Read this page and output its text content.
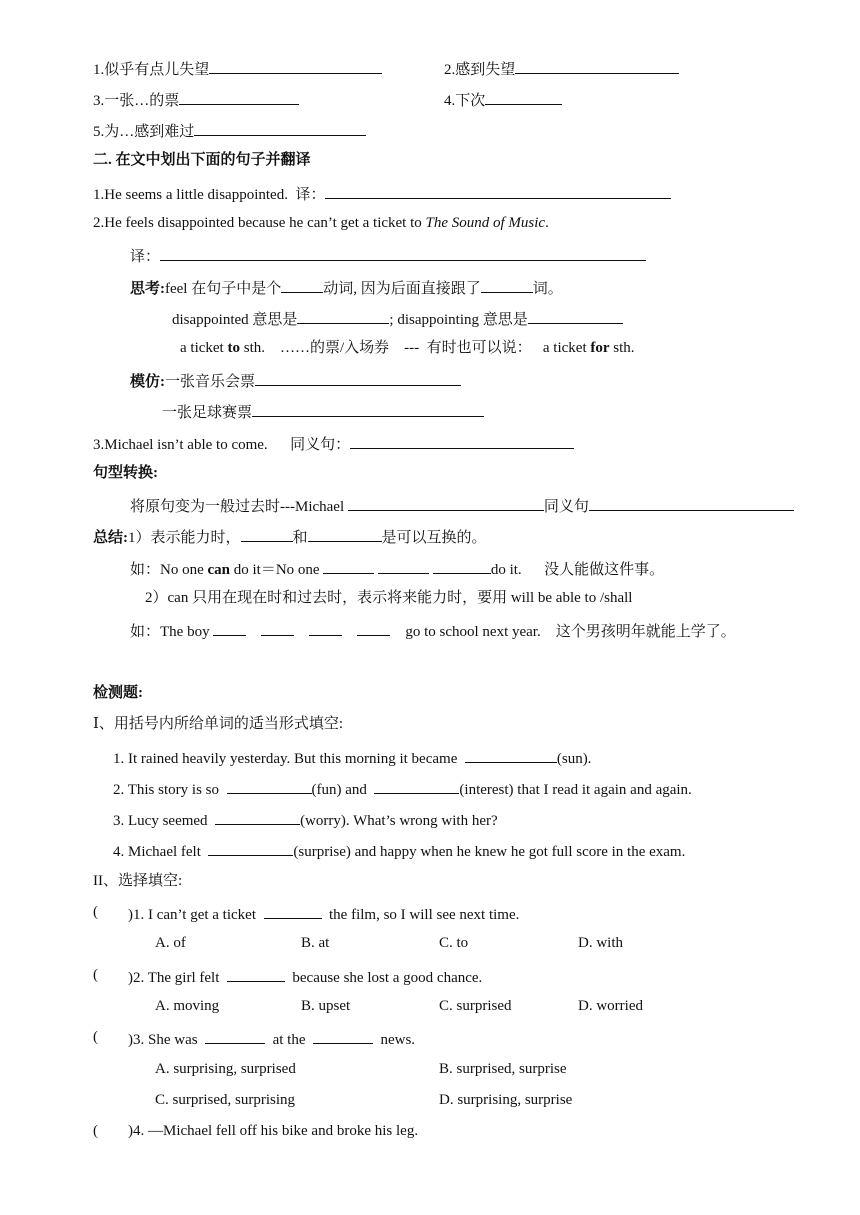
1.似乎有点儿失望	2.感到失望
3.一张…的票	4.下次
5.为…感到难过
二. 在文中划出下面的句子并翻译
1.He seems a little disappointed.  译：
2.He feels disappointed because he can’t get a ticket to The Sound of Music.
译：
思考:feel 在句子中是个	动词, 因为后面直接跟了	词。
disappointed 意思是	; disappointing 意思是
a ticket to sth.    ……的票/入场券    ---  有时也可以说：   a ticket for sth.
模仿:一张音乐会票
一张足球赛票
3.Michael isn’t able to come.      同义句：
句型转换:
将原句变为一般过去时---Michael	同义句
总结:1）表示能力时，	和	是可以互换的。
如：No one can do it＝No one	do it.      没人能做这件事。
2）can 只用在现在时和过去时，表示将来能力时，要用 will be able to /shall
如：The boy	go to school next year.    这个男孩明年就能上学了。
检测题:
Ⅰ、用括号内所给单词的适当形式填空:
1. It rained heavily yesterday. But this morning it became	(sun).
2. This story is so	(fun) and	(interest) that I read it again and again.
3. Lucy seemed	(worry). What’s wrong with her?
4. Michael felt	(surprise) and happy when he knew he got full score in the exam.
II、选择填空:
( )1. I can’t get a ticket	the film, so I will see next time.
A. of	B. at	C. to	D. with
( )2. The girl felt	because she lost a good chance.
A. moving	B. upset	C. surprised	D. worried
( )3. She was	at the	news.
A. surprising, surprised	B. surprised, surprise
C. surprised, surprising	D. surprising, surprise
( )4. —Michael fell off his bike and broke his leg.
